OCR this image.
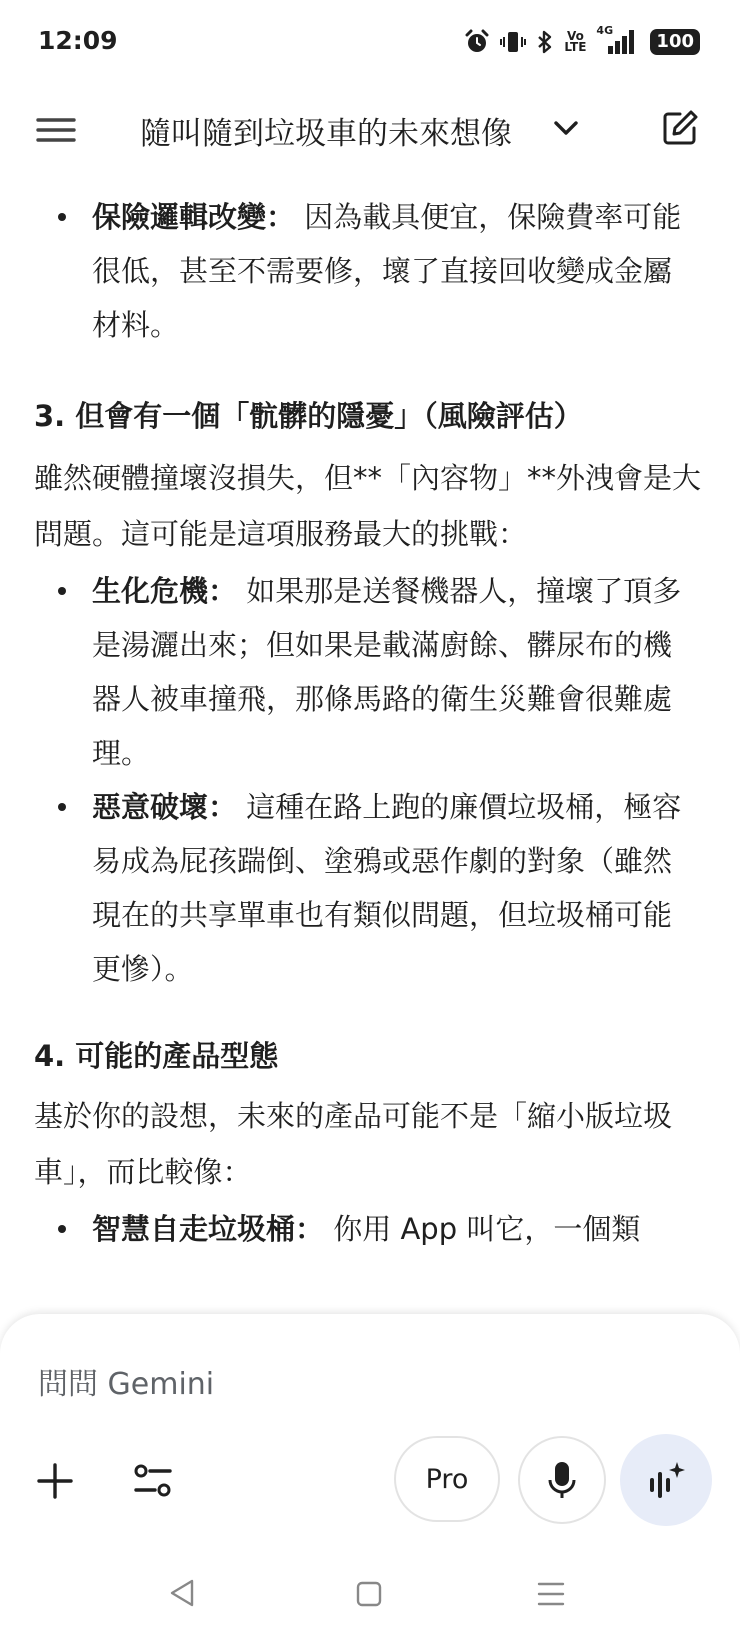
12:09	Vo
LTE
4G
100
隨叫隨到垃圾車的未來想像
保險邏輯改變： 因為載具便宜，保險費率可能很低，甚至不需要修，壞了直接回收變成金屬材料。
3. 但會有一個「骯髒的隱憂」（風險評估）
雖然硬體撞壞沒損失，但**「內容物」**外洩會是大問題。這可能是這項服務最大的挑戰：
生化危機： 如果那是送餐機器人，撞壞了頂多是湯灑出來；但如果是載滿廚餘、髒尿布的機器人被車撞飛，那條馬路的衛生災難會很難處理。
惡意破壞： 這種在路上跑的廉價垃圾桶，極容易成為屁孩踹倒、塗鴉或惡作劇的對象（雖然現在的共享單車也有類似問題，但垃圾桶可能更慘）。
4. 可能的產品型態
基於你的設想，未來的產品可能不是「縮小版垃圾車」，而比較像：
智慧自走垃圾桶： 你用 App 叫它，一個類
問問 Gemini
Pro
